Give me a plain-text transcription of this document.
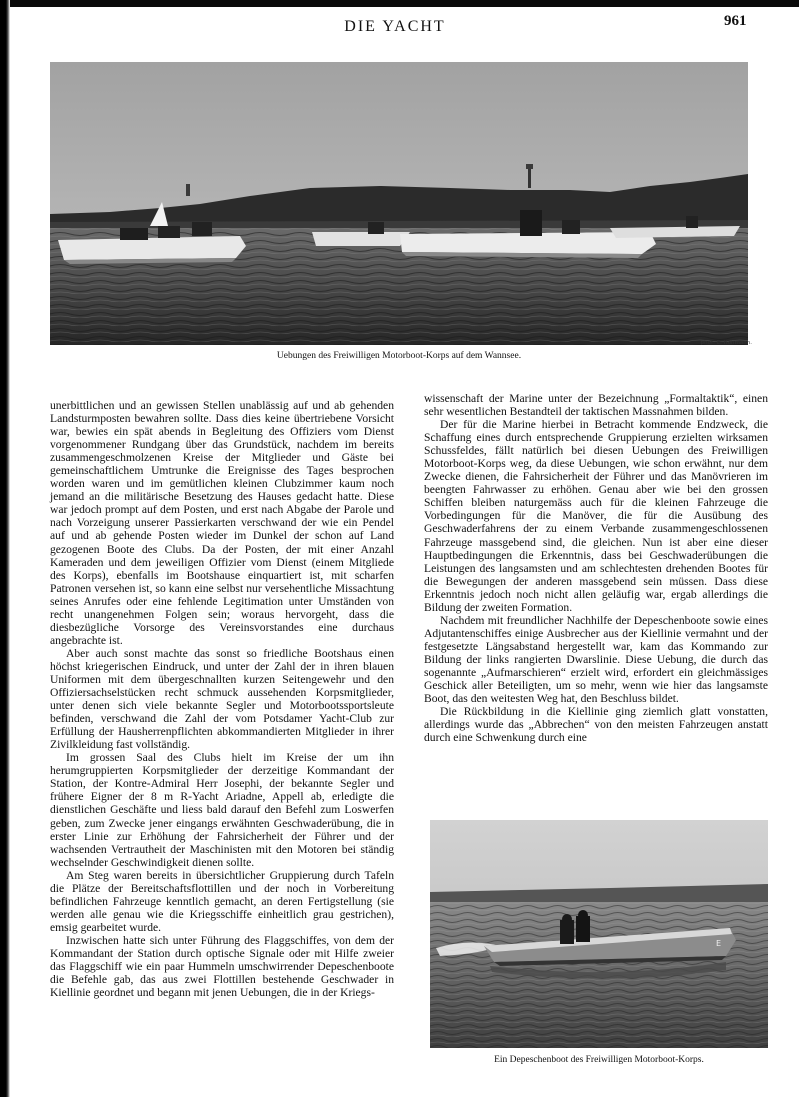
DIE YACHT	961
phot. E. Hohmann.
Uebungen des Freiwilligen Motorboot-Korps auf dem Wannsee.

unerbittlichen und an gewissen Stellen unablässig auf und ab gehenden Landsturmposten bewahren sollte. Dass dies keine übertriebene Vorsicht war, bewies ein spät abends in Begleitung des Offiziers vom Dienst vorgenommener Rundgang über das Grundstück, nachdem im bereits zusammengeschmolzenen Kreise der Mitglieder und Gäste bei gemeinschaftlichem Umtrunke die Ereignisse des Tages besprochen worden waren und im gemütlichen kleinen Clubzimmer kaum noch jemand an die militärische Besetzung des Hauses gedacht hatte. Diese war jedoch prompt auf dem Posten, und erst nach Abgabe der Parole und nach Vorzeigung unserer Passierkarten verschwand der wie ein Pendel auf und ab gehende Posten wieder im Dunkel der schon auf Land gezogenen Boote des Clubs. Da der Posten, der mit einer Anzahl Kameraden und dem jeweiligen Offizier vom Dienst (einem Mitgliede des Korps), ebenfalls im Bootshause einquartiert ist, mit scharfen Patronen versehen ist, so kann eine selbst nur versehentliche Missachtung seines Anrufes oder eine fehlende Legitimation unter Umständen von recht unangenehmen Folgen sein; woraus hervorgeht, dass die diesbezügliche Vorsorge des Vereinsvorstandes eine durchaus angebrachte ist.

Aber auch sonst machte das sonst so friedliche Bootshaus einen höchst kriegerischen Eindruck, und unter der Zahl der in ihren blauen Uniformen mit dem übergeschnallten kurzen Seitengewehr und den Offiziersachselstücken recht schmuck aussehenden Korpsmitglieder, unter denen sich viele bekannte Segler und Motorbootssportsleute befinden, verschwand die Zahl der vom Potsdamer Yacht-Club zur Erfüllung der Hausherrenpflichten abkommandierten Mitglieder in ihrer Zivilkleidung fast vollständig.

Im grossen Saal des Clubs hielt im Kreise der um ihn herumgruppierten Korpsmitglieder der derzeitige Kommandant der Station, der Kontre-Admiral Herr Josephi, der bekannte Segler und frühere Eigner der 8 m R-Yacht Ariadne, Appell ab, erledigte die dienstlichen Geschäfte und liess bald darauf den Befehl zum Loswerfen geben, zum Zwecke jener eingangs erwähnten Geschwaderübung, die in erster Linie zur Erhöhung der Fahrsicherheit der Führer und der wachsenden Vertrautheit der Maschinisten mit den Motoren bei ständig wechselnder Geschwindigkeit dienen sollte.

Am Steg waren bereits in übersichtlicher Gruppierung durch Tafeln die Plätze der Bereitschaftsflottillen und der noch in Vorbereitung befindlichen Fahrzeuge kenntlich gemacht, an deren Fertigstellung (sie werden alle genau wie die Kriegsschiffe einheitlich grau gestrichen), emsig gearbeitet wurde.

Inzwischen hatte sich unter Führung des Flaggschiffes, von dem der Kommandant der Station durch optische Signale oder mit Hilfe zweier das Flaggschiff wie ein paar Hummeln umschwirrender Depeschenboote die Befehle gab, das aus zwei Flottillen bestehende Geschwader in Kiellinie geordnet und begann mit jenen Uebungen, die in der Kriegs-

wissenschaft der Marine unter der Bezeichnung „Formaltaktik“, einen sehr wesentlichen Bestandteil der taktischen Massnahmen bilden.

Der für die Marine hierbei in Betracht kommende Endzweck, die Schaffung eines durch entsprechende Gruppierung erzielten wirksamen Schussfeldes, fällt natürlich bei diesen Uebungen des Freiwilligen Motorboot-Korps weg, da diese Uebungen, wie schon erwähnt, nur dem Zwecke dienen, die Fahrsicherheit der Führer und das Manövrieren im beengten Fahrwasser zu erhöhen. Genau aber wie bei den grossen Schiffen bleiben naturgemäss auch für die kleinen Fahrzeuge die Vorbedingungen für die Manöver, die für die Ausübung des Geschwaderfahrens der zu einem Verbande zusammengeschlossenen Fahrzeuge massgebend sind, die gleichen. Nun ist aber eine dieser Hauptbedingungen die Erkenntnis, dass bei Geschwaderübungen die Leistungen des langsamsten und am schlechtesten drehenden Bootes für die Bewegungen der anderen massgebend sein müssen. Dass diese Erkenntnis jedoch noch nicht allen geläufig war, ergab allerdings die Bildung der zweiten Formation.

Nachdem mit freundlicher Nachhilfe der Depeschenboote sowie eines Adjutantenschiffes einige Ausbrecher aus der Kiellinie vermahnt und der festgesetzte Längsabstand hergestellt war, kam das Kommando zur Bildung der links rangierten Dwarslinie. Diese Uebung, die durch das sogenannte „Aufmarschieren“ erzielt wird, erfordert ein gleichmässiges Geschick aller Beteiligten, um so mehr, wenn wie hier das langsamste Boot, das den weitesten Weg hat, den Beschluss bildet.

Die Rückbildung in die Kiellinie ging ziemlich glatt vonstatten, allerdings wurde das „Abbrechen“ von den meisten Fahrzeugen anstatt durch eine Schwenkung durch eine

E
Ein Depeschenboot des Freiwilligen Motorboot-Korps.
